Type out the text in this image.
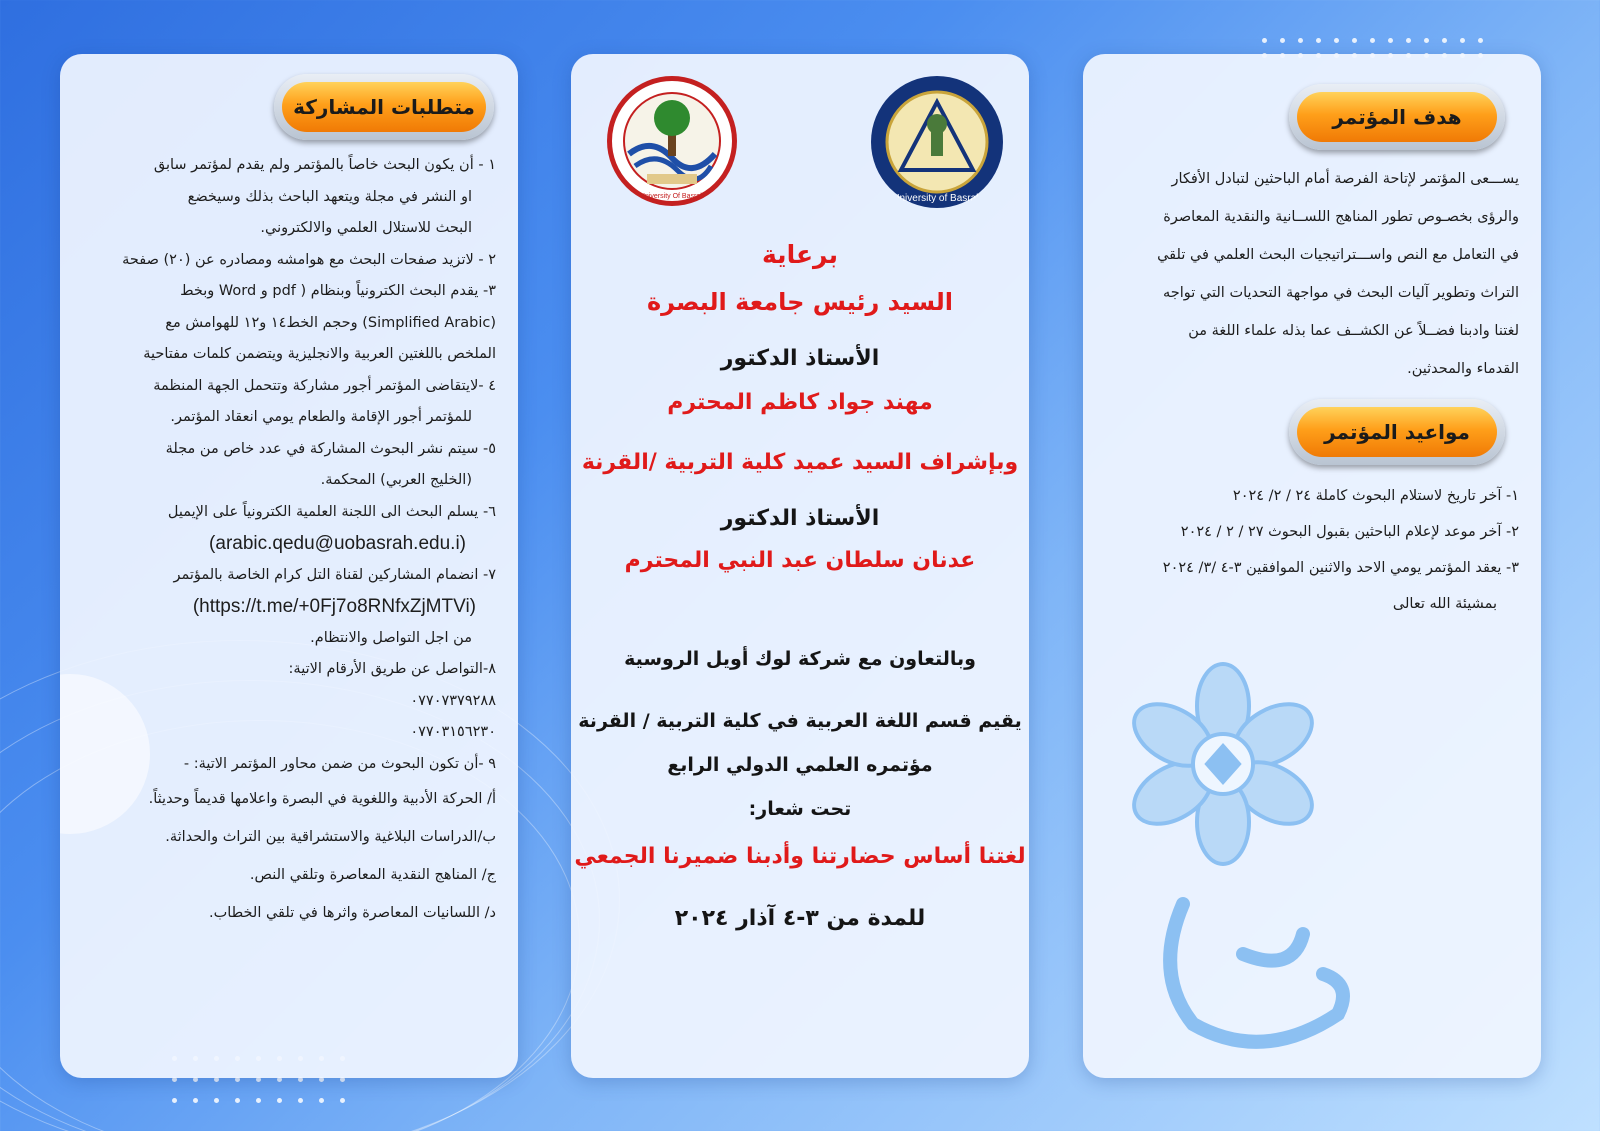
متطلبات المشاركة

١ - أن يكون البحث خاصاً بالمؤتمر ولم يقدم لمؤتمر سابق

او النشر في مجلة ويتعهد الباحث بذلك وسيخضع

البحث للاستلال العلمي والالكتروني.

٢ - لاتزيد صفحات البحث مع هوامشه ومصادره عن (٢٠) صفحة

٣- يقدم البحث الكترونياً وبنظام ( pdf و Word وبخط

(Simplified Arabic) وحجم الخط١٤ و١٢ للهوامش مع

الملخص باللغتين العربية والانجليزية ويتضمن كلمات مفتاحية

٤ -لايتقاضى المؤتمر أجور مشاركة وتتحمل الجهة المنظمة

للمؤتمر أجور الإقامة والطعام يومي انعقاد المؤتمر.

٥- سيتم نشر البحوث المشاركة في عدد خاص من مجلة

(الخليج العربي) المحكمة.

٦- يسلم البحث الى اللجنة العلمية الكترونياً على الإيميل

(arabic.qedu@uobasrah.edu.i)

٧- انضمام المشاركين لقناة التل كرام الخاصة بالمؤتمر

(https://t.me/+0Fj7o8RNfxZjMTVi)

من اجل التواصل والانتظام.

٨-التواصل عن طريق الأرقام الاتية:

٠٧٧٠٧٣٧٩٢٨٨

٠٧٧٠٣١٥٦٢٣٠

٩ -أن تكون البحوث من ضمن محاور المؤتمر الاتية: -

أ/ الحركة الأدبية واللغوية في البصرة واعلامها قديماً وحديثاً.

ب/الدراسات البلاغية والاستشراقية بين التراث والحداثة.

ج/ المناهج النقدية المعاصرة وتلقي النص.

د/ اللسانيات المعاصرة واثرها في تلقي الخطاب.

University of Basrah
University Of Basrah
برعاية
السيد رئيس جامعة البصرة
الأستاذ الدكتور
مهند جواد كاظم المحترم
وبإشراف السيد عميد كلية التربية /القرنة
الأستاذ الدكتور
عدنان سلطان عبد النبي المحترم
وبالتعاون مع شركة لوك أويل الروسية
يقيم قسم اللغة العربية في كلية التربية / القرنة
مؤتمره العلمي الدولي الرابع
تحت شعار:
لغتنا أساس حضارتنا وأدبنا ضميرنا الجمعي
للمدة من ٣-٤ آذار ٢٠٢٤
هدف المؤتمر

يســـعى المؤتمر لإتاحة الفرصة أمام الباحثين لتبادل الأفكار

والرؤى بخصـوص تطور المناهج اللســانية والنقدية المعاصرة

في التعامل مع النص واســـتراتيجيات البحث العلمي في تلقي

التراث وتطوير آليات البحث في مواجهة التحديات التي تواجه

لغتنا وادبنا فضــلاً عن الكشــف عما بذله علماء اللغة من

القدماء والمحدثين.

مواعيد المؤتمر

١- آخر تاريخ لاستلام البحوث كاملة ٢٤ / ٢/ ٢٠٢٤

٢- آخر موعد لإعلام الباحثين بقبول البحوث ٢٧ / ٢ / ٢٠٢٤

٣- يعقد المؤتمر يومي الاحد والاثنين الموافقين ٣-٤ /٣/ ٢٠٢٤

بمشيئة الله تعالى
